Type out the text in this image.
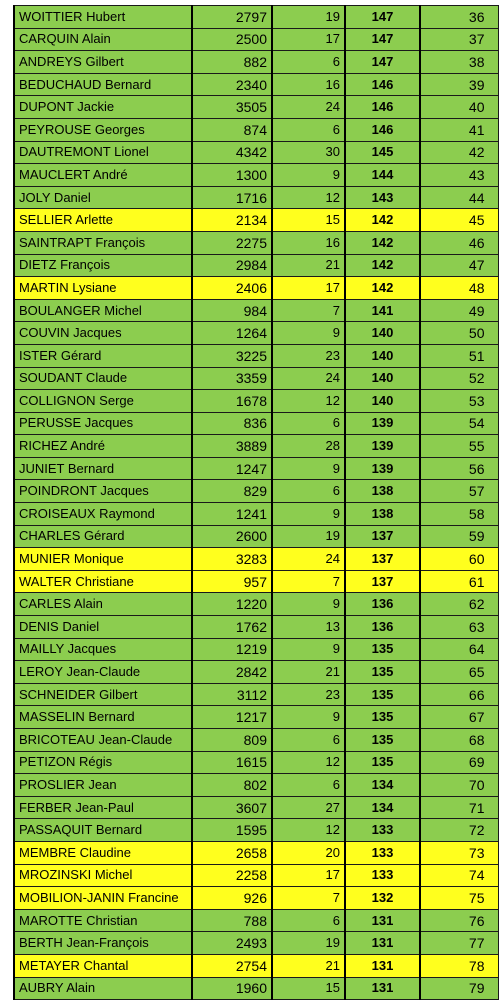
WOITTIER Hubert	2797	19	147	36
CARQUIN Alain	2500	17	147	37
ANDREYS Gilbert	882	6	147	38
BEDUCHAUD Bernard	2340	16	146	39
DUPONT Jackie	3505	24	146	40
PEYROUSE Georges	874	6	146	41
DAUTREMONT Lionel	4342	30	145	42
MAUCLERT André	1300	9	144	43
JOLY Daniel	1716	12	143	44
SELLIER Arlette	2134	15	142	45
SAINTRAPT François	2275	16	142	46
DIETZ François	2984	21	142	47
MARTIN Lysiane	2406	17	142	48
BOULANGER Michel	984	7	141	49
COUVIN Jacques	1264	9	140	50
ISTER Gérard	3225	23	140	51
SOUDANT Claude	3359	24	140	52
COLLIGNON Serge	1678	12	140	53
PERUSSE Jacques	836	6	139	54
RICHEZ André	3889	28	139	55
JUNIET Bernard	1247	9	139	56
POINDRONT Jacques	829	6	138	57
CROISEAUX Raymond	1241	9	138	58
CHARLES Gérard	2600	19	137	59
MUNIER Monique	3283	24	137	60
WALTER Christiane	957	7	137	61
CARLES Alain	1220	9	136	62
DENIS Daniel	1762	13	136	63
MAILLY Jacques	1219	9	135	64
LEROY Jean-Claude	2842	21	135	65
SCHNEIDER Gilbert	3112	23	135	66
MASSELIN Bernard	1217	9	135	67
BRICOTEAU Jean-Claude	809	6	135	68
PETIZON Régis	1615	12	135	69
PROSLIER Jean	802	6	134	70
FERBER Jean-Paul	3607	27	134	71
PASSAQUIT Bernard	1595	12	133	72
MEMBRE Claudine	2658	20	133	73
MROZINSKI Michel	2258	17	133	74
MOBILION-JANIN Francine	926	7	132	75
MAROTTE Christian	788	6	131	76
BERTH Jean-François	2493	19	131	77
METAYER Chantal	2754	21	131	78
AUBRY Alain	1960	15	131	79
